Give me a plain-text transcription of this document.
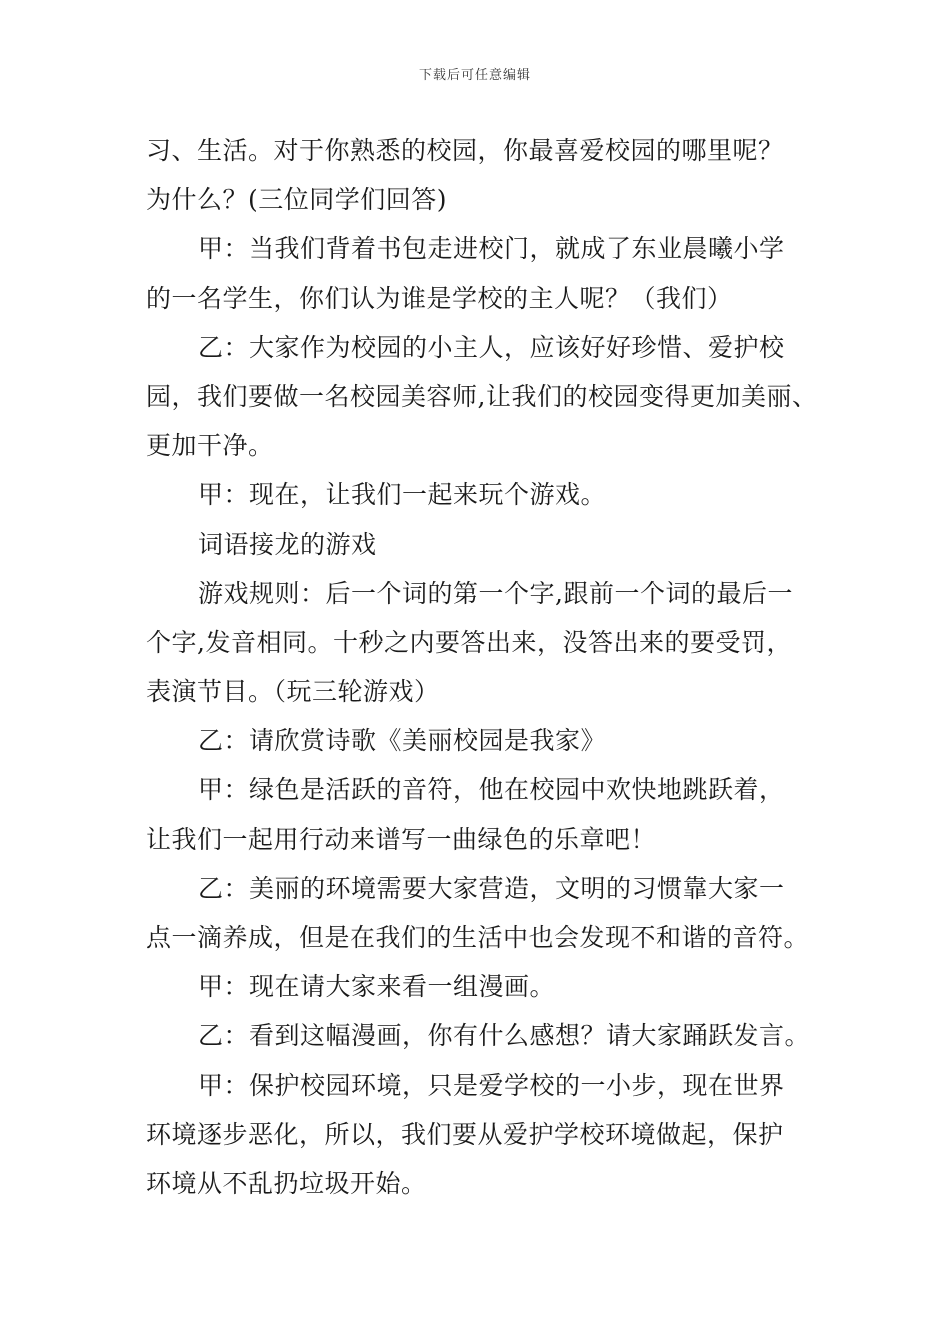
下载后可任意编辑
习、生活。对于你熟悉的校园，你最喜爱校园的哪里呢？
为什么？(三位同学们回答)
甲：当我们背着书包走进校门，就成了东业晨曦小学
的一名学生，你们认为谁是学校的主人呢？（我们）
乙：大家作为校园的小主人，应该好好珍惜、爱护校
园，我们要做一名校园美容师,让我们的校园变得更加美丽、
更加干净。
甲：现在，让我们一起来玩个游戏。
词语接龙的游戏
游戏规则：后一个词的第一个字,跟前一个词的最后一
个字,发音相同。十秒之内要答出来，没答出来的要受罚，
表演节目。（玩三轮游戏）
乙：请欣赏诗歌《美丽校园是我家》
甲：绿色是活跃的音符，他在校园中欢快地跳跃着，
让我们一起用行动来谱写一曲绿色的乐章吧！
乙：美丽的环境需要大家营造，文明的习惯靠大家一
点一滴养成，但是在我们的生活中也会发现不和谐的音符。
甲：现在请大家来看一组漫画。
乙：看到这幅漫画，你有什么感想？请大家踊跃发言。
甲：保护校园环境，只是爱学校的一小步，现在世界
环境逐步恶化，所以，我们要从爱护学校环境做起，保护
环境从不乱扔垃圾开始。
